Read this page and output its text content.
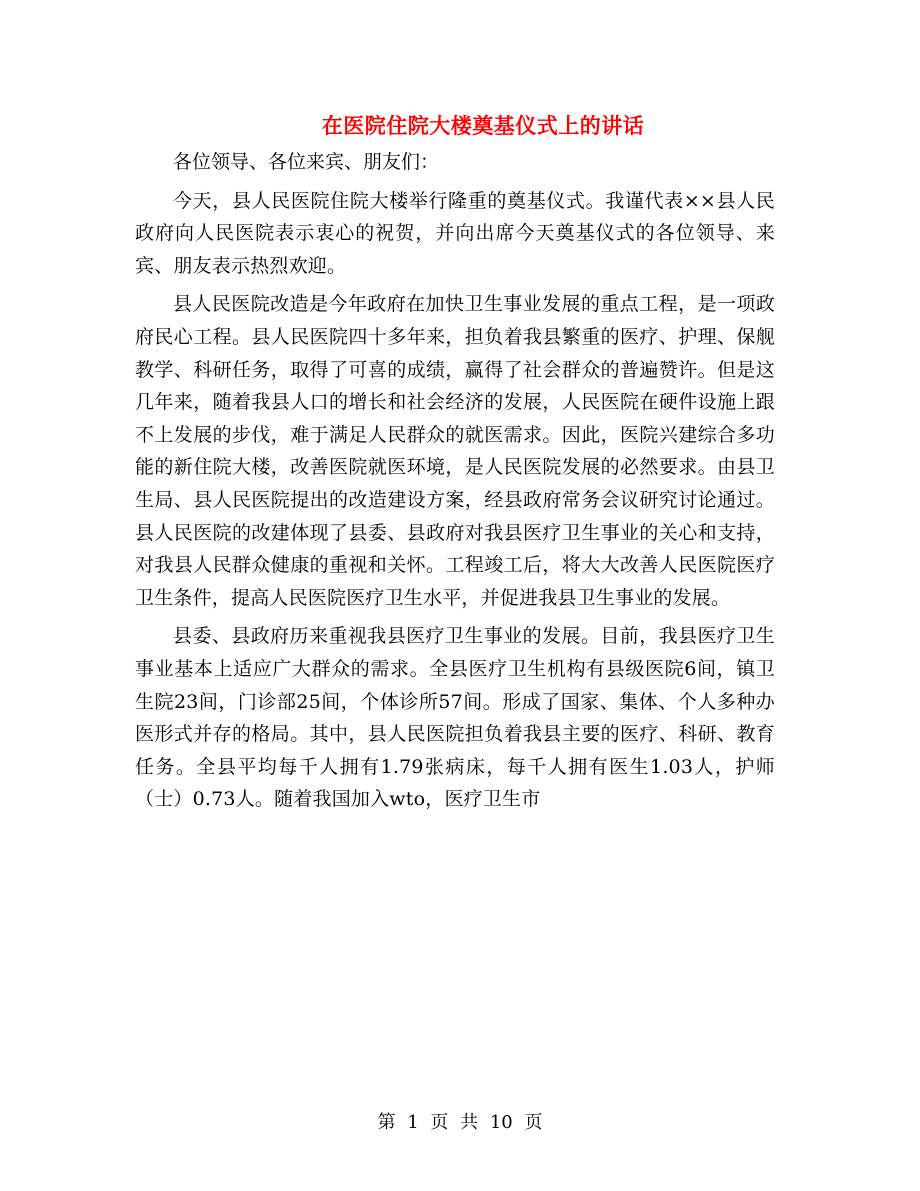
在医院住院大楼奠基仪式上的讲话

各位领导、各位来宾、朋友们：

今天，县人民医院住院大楼举行隆重的奠基仪式。我谨代表××县人民政府向人民医院表示衷心的祝贺，并向出席今天奠基仪式的各位领导、来宾、朋友表示热烈欢迎。

县人民医院改造是今年政府在加快卫生事业发展的重点工程，是一项政府民心工程。县人民医院四十多年来，担负着我县繁重的医疗、护理、保舰教学、科研任务，取得了可喜的成绩，赢得了社会群众的普遍赞许。但是这几年来，随着我县人口的增长和社会经济的发展，人民医院在硬件设施上跟不上发展的步伐，难于满足人民群众的就医需求。因此，医院兴建综合多功能的新住院大楼，改善医院就医环境，是人民医院发展的必然要求。由县卫生局、县人民医院提出的改造建设方案，经县政府常务会议研究讨论通过。县人民医院的改建体现了县委、县政府对我县医疗卫生事业的关心和支持，对我县人民群众健康的重视和关怀。工程竣工后，将大大改善人民医院医疗卫生条件，提高人民医院医疗卫生水平，并促进我县卫生事业的发展。

县委、县政府历来重视我县医疗卫生事业的发展。目前，我县医疗卫生事业基本上适应广大群众的需求。全县医疗卫生机构有县级医院6间，镇卫生院23间，门诊部25间，个体诊所57间。形成了国家、集体、个人多种办医形式并存的格局。其中，县人民医院担负着我县主要的医疗、科研、教育任务。全县平均每千人拥有1.79张病床，每千人拥有医生1.03人，护师（士）0.73人。随着我国加入wto，医疗卫生市

第 1 页 共 10 页
